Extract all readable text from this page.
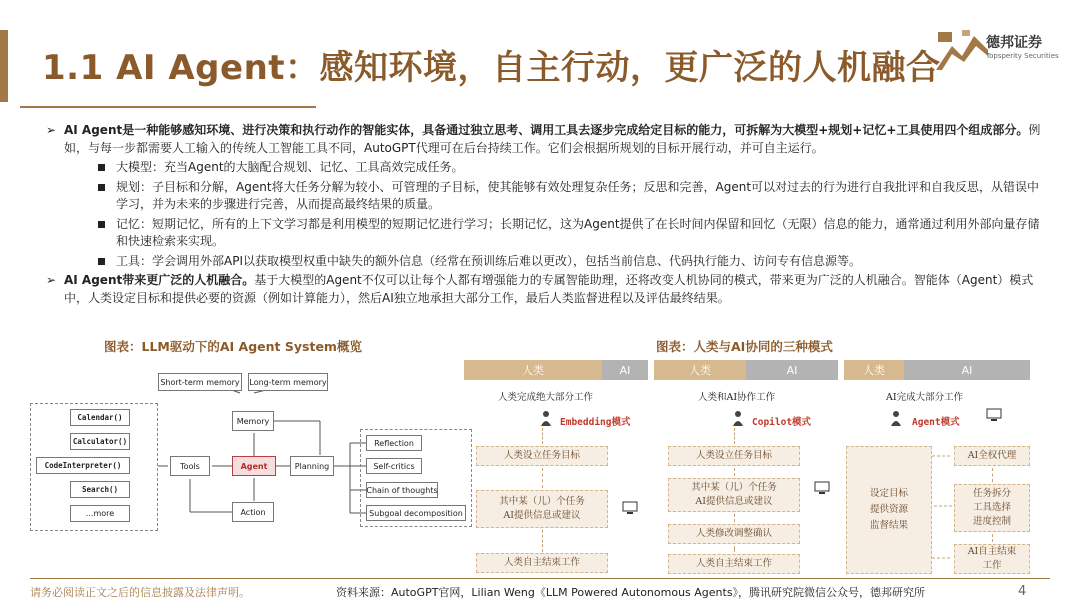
1.1 AI Agent：感知环境，自主行动，更广泛的人机融合
德邦证券
Topsperity Securities
➢ AI Agent是一种能够感知环境、进行决策和执行动作的智能实体，具备通过独立思考、调用工具去逐步完成给定目标的能力，可拆解为大模型+规划+记忆+工具使用四个组成部分。例如，与每一步都需要人工输入的传统人工智能工具不同，AutoGPT代理可在后台持续工作。它们会根据所规划的目标开展行动，并可自主运行。
大模型：充当Agent的大脑配合规划、记忆、工具高效完成任务。
规划：子目标和分解，Agent将大任务分解为较小、可管理的子目标，使其能够有效处理复杂任务；反思和完善，Agent可以对过去的行为进行自我批评和自我反思，从错误中学习，并为未来的步骤进行完善，从而提高最终结果的质量。
记忆：短期记忆，所有的上下文学习都是利用模型的短期记忆进行学习；长期记忆，这为Agent提供了在长时间内保留和回忆（无限）信息的能力，通常通过利用外部向量存储和快速检索来实现。
工具：学会调用外部API以获取模型权重中缺失的额外信息（经常在预训练后难以更改），包括当前信息、代码执行能力、访问专有信息源等。
➢ AI Agent带来更广泛的人机融合。基于大模型的Agent不仅可以让每个人都有增强能力的专属智能助理，还将改变人机协同的模式，带来更为广泛的人机融合。智能体（Agent）模式中，人类设定目标和提供必要的资源（例如计算能力），然后AI独立地承担大部分工作，最后人类监督进程以及评估最终结果。
图表：LLM驱动下的AI Agent System概览
Short-term memory Long-term memory
Memory
Tools	Agent	Planning
Action
Calendar()
Calculator()
CodeInterpreter()
Search()
...more
Reflection
Self-critics
Chain of thoughts
Subgoal decomposition
图表：人类与AI协同的三种模式
人类	AI
人类完成绝大部分工作
Embedding模式
人类设立任务目标
其中某（儿）个任务
AI提供信息或建议
人类自主结束工作
人类	AI
人类和AI协作工作
Copilot模式
人类设立任务目标
其中某（儿）个任务
AI提供信息或建议
人类修改调整确认
人类自主结束工作
人类	AI
AI完成大部分工作
Agent模式
设定目标
提供资源
监督结果
AI全权代理
任务拆分
工具选择
进度控制
AI自主结束
工作
请务必阅读正文之后的信息披露及法律声明。	资料来源：AutoGPT官网，Lilian Weng《LLM Powered Autonomous Agents》，腾讯研究院微信公众号，德邦研究所	4
